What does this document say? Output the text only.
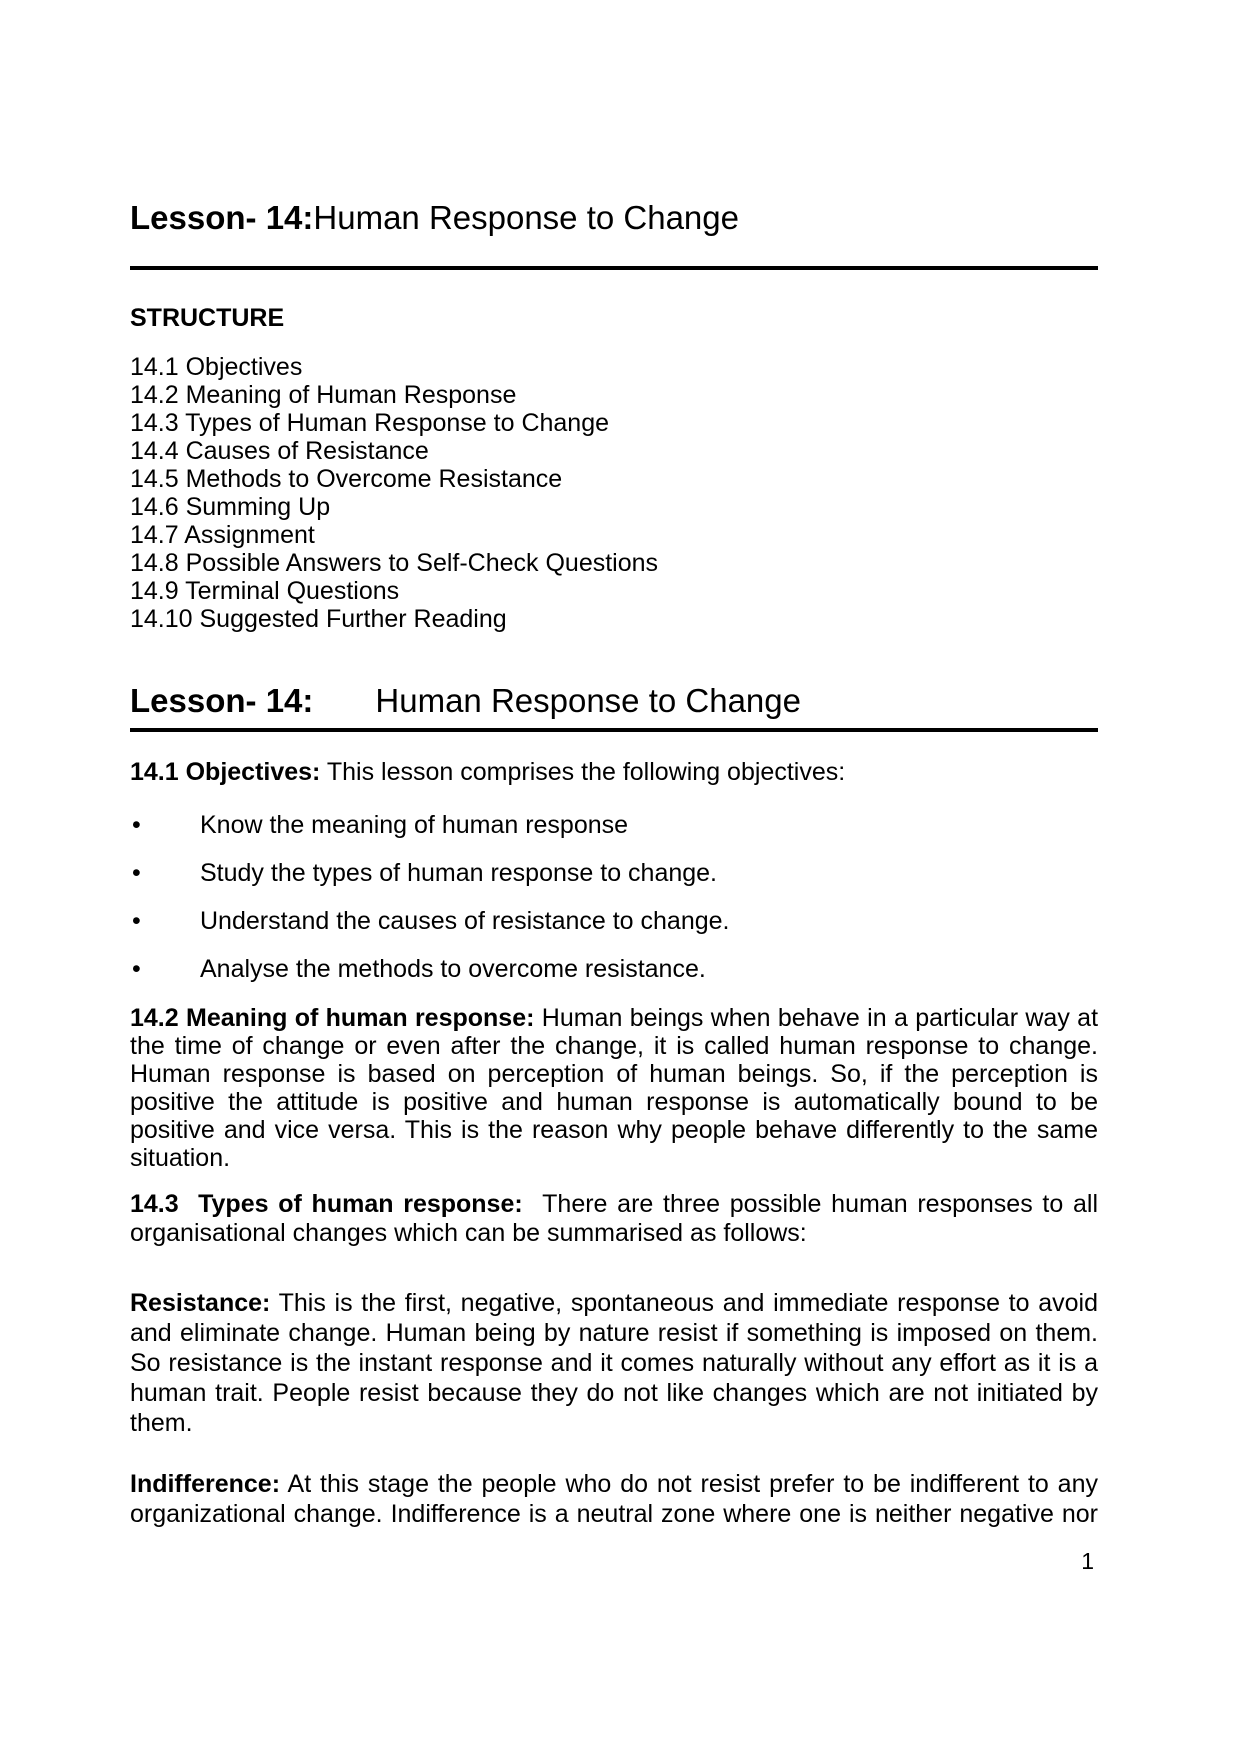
Lesson- 14:Human Response to Change
STRUCTURE
14.1 Objectives
14.2 Meaning of Human Response
14.3 Types of Human Response to Change
14.4 Causes of Resistance
14.5 Methods to Overcome Resistance
14.6 Summing Up
14.7 Assignment
14.8 Possible Answers to Self-Check Questions
14.9 Terminal Questions
14.10 Suggested Further Reading
Lesson- 14: Human Response to Change

14.1 Objectives: This lesson comprises the following objectives:

• Know the meaning of human response
• Study the types of human response to change.
• Understand the causes of resistance to change.
• Analyse the methods to overcome resistance.

14.2 Meaning of human response: Human beings when behave in a particular way at the time of change or even after the change, it is called human response to change. Human response is based on perception of human beings. So, if the perception is positive the attitude is positive and human response is automatically bound to be positive and vice versa. This is the reason why people behave differently to the same situation.

14.3  Types of human response:  There are three possible human responses to all organisational changes which can be summarised as follows:

Resistance: This is the first, negative, spontaneous and immediate response to avoid and eliminate change. Human being by nature resist if something is imposed on them. So resistance is the instant response and it comes naturally without any effort as it is a human trait. People resist because they do not like changes which are not initiated by them.

Indifference: At this stage the people who do not resist prefer to be indifferent to any organizational change. Indifference is a neutral zone where one is neither negative nor

1
